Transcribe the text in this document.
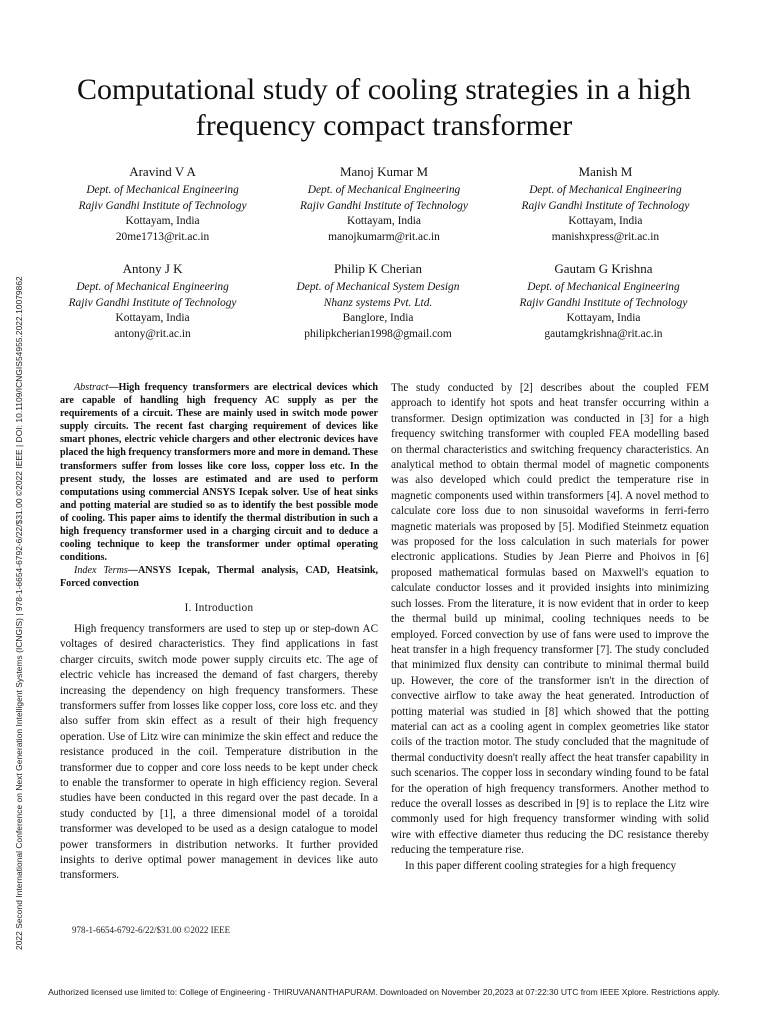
2022 Second International Conference on Next Generation Intelligent Systems (ICNGIS) | 978-1-6654-6792-6/22/$31.00 ©2022 IEEE | DOI: 10.1109/ICNGIS54955.2022.10079862
Computational study of cooling strategies in a high frequency compact transformer
Aravind V A
Dept. of Mechanical Engineering
Rajiv Gandhi Institute of Technology
Kottayam, India
20me1713@rit.ac.in
Manoj Kumar M
Dept. of Mechanical Engineering
Rajiv Gandhi Institute of Technology
Kottayam, India
manojkumarm@rit.ac.in
Manish M
Dept. of Mechanical Engineering
Rajiv Gandhi Institute of Technology
Kottayam, India
manishxpress@rit.ac.in
Antony J K
Dept. of Mechanical Engineering
Rajiv Gandhi Institute of Technology
Kottayam, India
antony@rit.ac.in
Philip K Cherian
Dept. of Mechanical System Design
Nhanz systems Pvt. Ltd.
Banglore, India
philipkcherian1998@gmail.com
Gautam G Krishna
Dept. of Mechanical Engineering
Rajiv Gandhi Institute of Technology
Kottayam, India
gautamgkrishna@rit.ac.in

Abstract—High frequency transformers are electrical devices which are capable of handling high frequency AC supply as per the requirements of a circuit. These are mainly used in switch mode power supply circuits. The recent fast charging requirement of devices like smart phones, electric vehicle chargers and other electronic devices have placed the high frequency transformers more and more in demand. These transformers suffer from losses like core loss, copper loss etc. In the present study, the losses are estimated and are used to perform computations using commercial ANSYS Icepak solver. Use of heat sinks and potting material are studied so as to identify the best possible mode of cooling. This paper aims to identify the thermal distribution in such a high frequency transformer used in a charging circuit and to deduce a cooling technique to keep the transformer under optimal operating conditions.

Index Terms—ANSYS Icepak, Thermal analysis, CAD, Heatsink, Forced convection

I. Introduction

High frequency transformers are used to step up or step-down AC voltages of desired characteristics. They find applications in fast charger circuits, switch mode power supply circuits etc. The age of electric vehicle has increased the demand of fast chargers, thereby increasing the dependency on high frequency transformers. These transformers suffer from losses like copper loss, core loss etc. and they also suffer from skin effect as a result of their high frequency operation. Use of Litz wire can minimize the skin effect and reduce the resistance produced in the coil. Temperature distribution in the transformer due to copper and core loss needs to be kept under check to enable the transformer to operate in high efficiency region. Several studies have been conducted in this regard over the past decade. In a study conducted by [1], a three dimensional model of a toroidal transformer was developed to be used as a design catalogue to model power transformers in distribution networks. It further provided insights to derive optimal power management in devices like auto transformers.

The study conducted by [2] describes about the coupled FEM approach to identify hot spots and heat transfer occurring within a transformer. Design optimization was conducted in [3] for a high frequency switching transformer with coupled FEA modelling based on thermal characteristics and switching frequency characteristics. An analytical method to obtain thermal model of magnetic components was also developed which could predict the temperature rise in magnetic components used within transformers [4]. A novel method to calculate core loss due to non sinusoidal waveforms in ferri-ferro magnetic materials was proposed by [5]. Modified Steinmetz equation was proposed for the loss calculation in such materials for power electronic applications. Studies by Jean Pierre and Phoivos in [6] proposed mathematical formulas based on Maxwell's equation to calculate conductor losses and it provided insights into minimizing such losses. From the literature, it is now evident that in order to keep the thermal build up minimal, cooling techniques needs to be employed. Forced convection by use of fans were used to improve the heat transfer in a high frequency transformer [7]. The study concluded that minimized flux density can contribute to minimal thermal build up. However, the core of the transformer isn't in the direction of convective airflow to take away the heat generated. Introduction of potting material was studied in [8] which showed that the potting material can act as a cooling agent in complex geometries like stator coils of the traction motor. The study concluded that the magnitude of thermal conductivity doesn't really affect the heat transfer capability in such scenarios. The copper loss in secondary winding found to be fatal for the operation of high frequency transformers. Another method to reduce the overall losses as described in [9] is to replace the Litz wire commonly used for high frequency transformer winding with solid wire with effective diameter thus reducing the DC resistance thereby reducing the temperature rise.

In this paper different cooling strategies for a high frequency

978-1-6654-6792-6/22/$31.00 ©2022 IEEE
Authorized licensed use limited to: College of Engineering - THIRUVANANTHAPURAM. Downloaded on November 20,2023 at 07:22:30 UTC from IEEE Xplore. Restrictions apply.
